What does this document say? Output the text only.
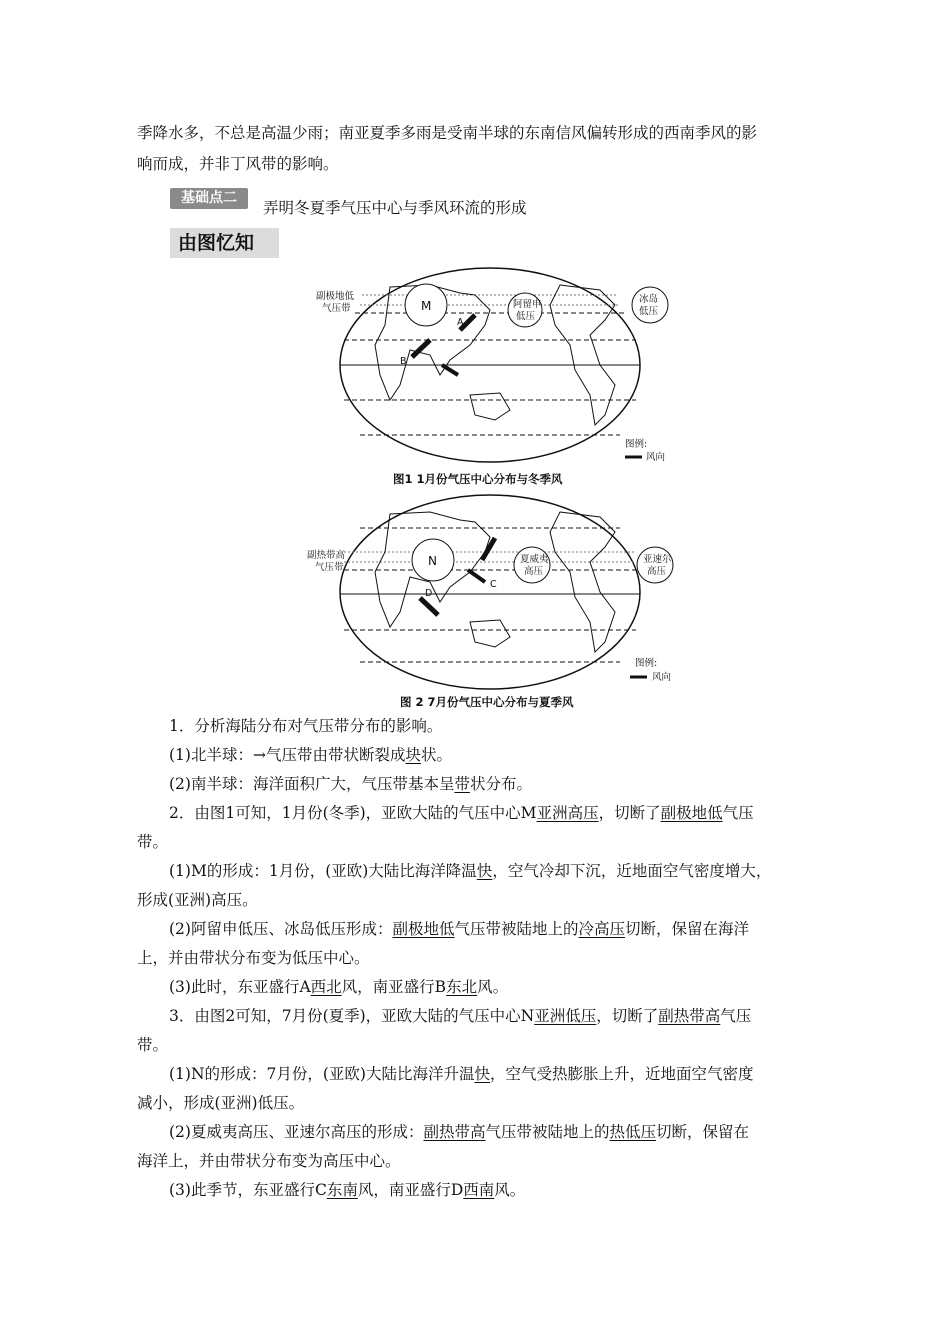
季降水多，不总是高温少雨；南亚夏季多雨是受南半球的东南信风偏转形成的西南季风的影
响而成，并非丁风带的影响。
基础点二
弄明冬夏季气压中心与季风环流的形成
由图忆知
M	阿留申
低压
冰岛
低压
副极地低
气压带
A
B
图例:
风向
图1 1月份气压中心分布与冬季风
N	夏威夷
高压
亚速尔
高压
副热带高
气压带
C
D
图例:
风向
图 2 7月份气压中心分布与夏季风
1．分析海陆分布对气压带分布的影响。
(1)北半球：→气压带由带状断裂成块状。
(2)南半球：海洋面积广大，气压带基本呈带状分布。
2．由图1可知，1月份(冬季)，亚欧大陆的气压中心M亚洲高压，切断了副极地低气压
带。
(1)M的形成：1月份，(亚欧)大陆比海洋降温快，空气冷却下沉，近地面空气密度增大，
形成(亚洲)高压。
(2)阿留申低压、冰岛低压形成：副极地低气压带被陆地上的冷高压切断，保留在海洋
上，并由带状分布变为低压中心。
(3)此时，东亚盛行A西北风，南亚盛行B东北风。
3．由图2可知，7月份(夏季)，亚欧大陆的气压中心N亚洲低压，切断了副热带高气压
带。
(1)N的形成：7月份，(亚欧)大陆比海洋升温快，空气受热膨胀上升，近地面空气密度
减小，形成(亚洲)低压。
(2)夏威夷高压、亚速尔高压的形成：副热带高气压带被陆地上的热低压切断，保留在
海洋上，并由带状分布变为高压中心。
(3)此季节，东亚盛行C东南风，南亚盛行D西南风。
